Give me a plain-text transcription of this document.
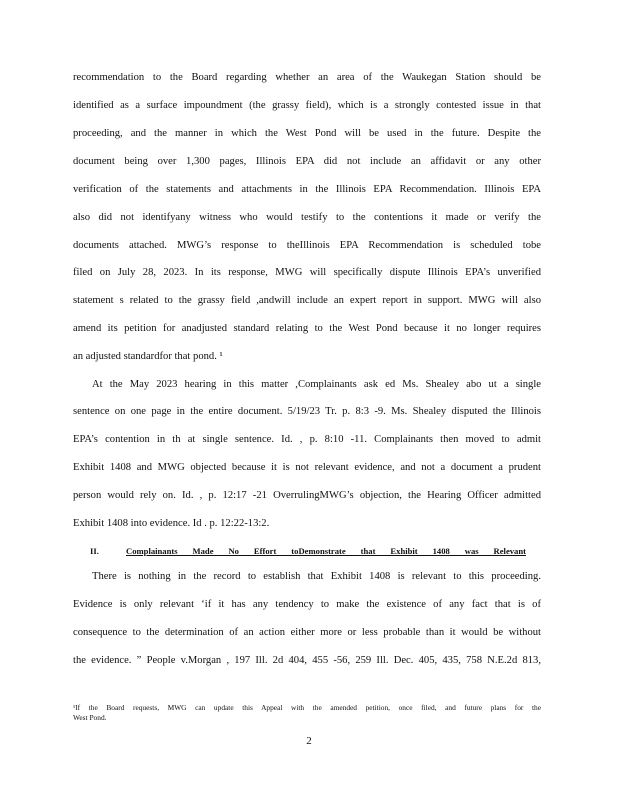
recommendation to the Board regarding whether an area of the Waukegan Station should be
identified as a surface impoundment (the grassy field), which is a strongly contested issue in that
proceeding, and the manner in which the West Pond will be used in the future. Despite the
document being over 1,300 pages, Illinois EPA did not include an affidavit or any other
verification of the statements and attachments in the Illinois EPA Recommendation. Illinois EPA
also did not identifyany witness who would testify to the contentions it made or verify the
documents attached. MWG’s response to theIllinois EPA Recommendation is scheduled tobe
filed on July 28, 2023. In its response, MWG will specifically dispute Illinois EPA’s unverified
statement s related to the grassy field ,andwill include an expert report in support. MWG will also
amend its petition for anadjusted standard relating to the West Pond because it no longer requires
an adjusted standardfor that pond. ¹
At the May 2023 hearing in this matter ,Complainants ask ed Ms. Shealey abo ut a single
sentence on one page in the entire document. 5/19/23 Tr. p. 8:3 -9. Ms. Shealey disputed the Illinois
EPA’s contention in th at single sentence. Id. , p. 8:10 -11. Complainants then moved to admit
Exhibit 1408 and MWG objected because it is not relevant evidence, and not a document a prudent
person would rely on. Id. , p. 12:17 -21 OverrulingMWG’s objection, the Hearing Officer admitted
Exhibit 1408 into evidence. Id . p. 12:22-13:2.
II.	Complainants Made No Effort toDemonstrate that Exhibit 1408 was Relevant
There is nothing in the record to establish that Exhibit 1408 is relevant to this proceeding.
Evidence is only relevant ‘if it has any tendency to make the existence of any fact that is of
consequence to the determination of an action either more or less probable than it would be without
the evidence. ” People v.Morgan , 197 Ill. 2d 404, 455 -56, 259 Ill. Dec. 405, 435, 758 N.E.2d 813,
¹If the Board requests, MWG can update this Appeal with the amended petition, once filed, and future plans for the
West Pond.
2
